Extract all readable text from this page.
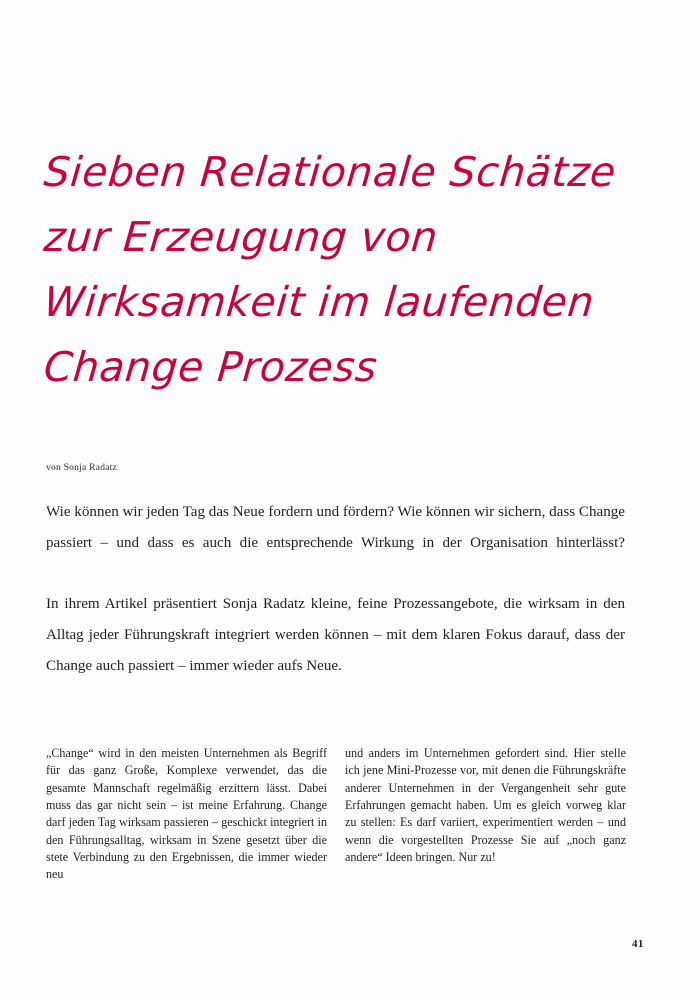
Sieben Relationale Schätze
zur Erzeugung von
Wirksamkeit im laufenden
Change Prozess
von Sonja Radatz

Wie können wir jeden Tag das Neue fordern und fördern? Wie können wir sichern, dass Change passiert – und dass es auch die entsprechende Wirkung in der Organisation hinterlässt?

In ihrem Artikel präsentiert Sonja Radatz kleine, feine Prozessangebote, die wirksam in den Alltag jeder Führungskraft integriert werden können – mit dem klaren Fokus darauf, dass der Change auch passiert – immer wieder aufs Neue.

„Change“ wird in den meisten Unternehmen als Begriff für das ganz Große, Komplexe verwendet, das die gesamte Mannschaft regelmäßig erzittern lässt. Dabei muss das gar nicht sein – ist meine Erfahrung. Change darf jeden Tag wirksam passieren – geschickt integriert in den Führungsalltag, wirksam in Szene gesetzt über die stete Verbindung zu den Ergebnissen, die immer wieder neu

und anders im Unternehmen gefordert sind. Hier stelle ich jene Mini-Prozesse vor, mit denen die Führungskräfte anderer Unternehmen in der Vergangenheit sehr gute Erfahrungen gemacht haben. Um es gleich vorweg klar zu stellen: Es darf variiert, experimentiert werden – und wenn die vorgestellten Prozesse Sie auf „noch ganz andere“ Ideen bringen. Nur zu!

41
